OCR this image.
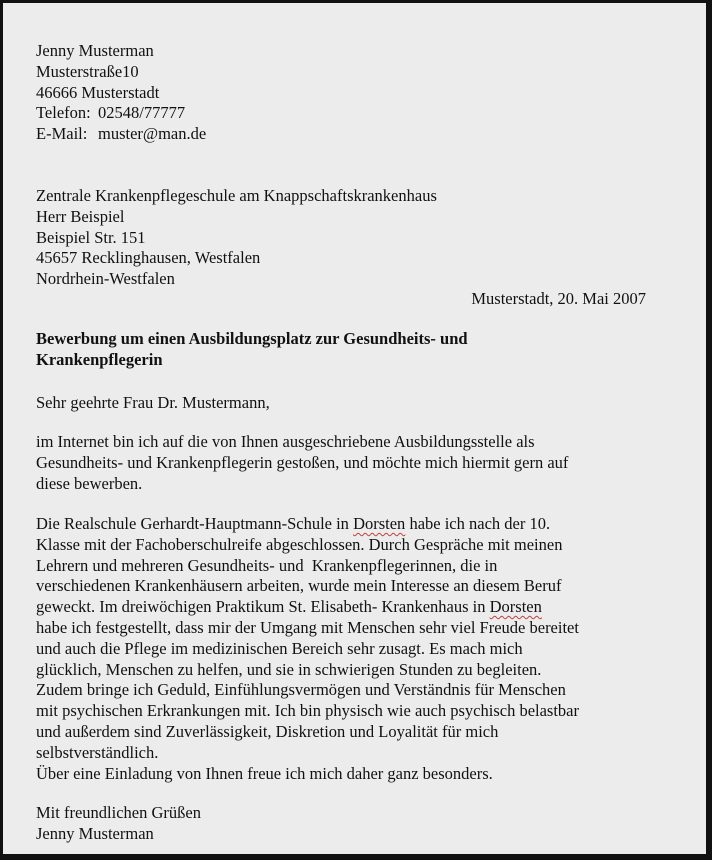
Jenny Musterman
Musterstraße10
46666 Musterstadt
Telefon: 02548/77777
E-Mail: muster@man.de
Zentrale Krankenpflegeschule am Knappschaftskrankenhaus
Herr Beispiel
Beispiel Str. 151
45657 Recklinghausen, Westfalen
Nordrhein-Westfalen
Musterstadt, 20. Mai 2007
Bewerbung um einen Ausbildungsplatz zur Gesundheits- und
Krankenpflegerin
Sehr geehrte Frau Dr. Mustermann,
im Internet bin ich auf die von Ihnen ausgeschriebene Ausbildungsstelle als
Gesundheits- und Krankenpflegerin gestoßen, und möchte mich hiermit gern auf
diese bewerben.
Die Realschule Gerhardt-Hauptmann-Schule in Dorsten habe ich nach der 10.
Klasse mit der Fachoberschulreife abgeschlossen. Durch Gespräche mit meinen
Lehrern und mehreren Gesundheits- und  Krankenpflegerinnen, die in
verschiedenen Krankenhäusern arbeiten, wurde mein Interesse an diesem Beruf
geweckt. Im dreiwöchigen Praktikum St. Elisabeth- Krankenhaus in Dorsten
habe ich festgestellt, dass mir der Umgang mit Menschen sehr viel Freude bereitet
und auch die Pflege im medizinischen Bereich sehr zusagt. Es mach mich
glücklich, Menschen zu helfen, und sie in schwierigen Stunden zu begleiten.
Zudem bringe ich Geduld, Einfühlungsvermögen und Verständnis für Menschen
mit psychischen Erkrankungen mit. Ich bin physisch wie auch psychisch belastbar
und außerdem sind Zuverlässigkeit, Diskretion und Loyalität für mich
selbstverständlich.
Über eine Einladung von Ihnen freue ich mich daher ganz besonders.
Mit freundlichen Grüßen
Jenny Musterman
